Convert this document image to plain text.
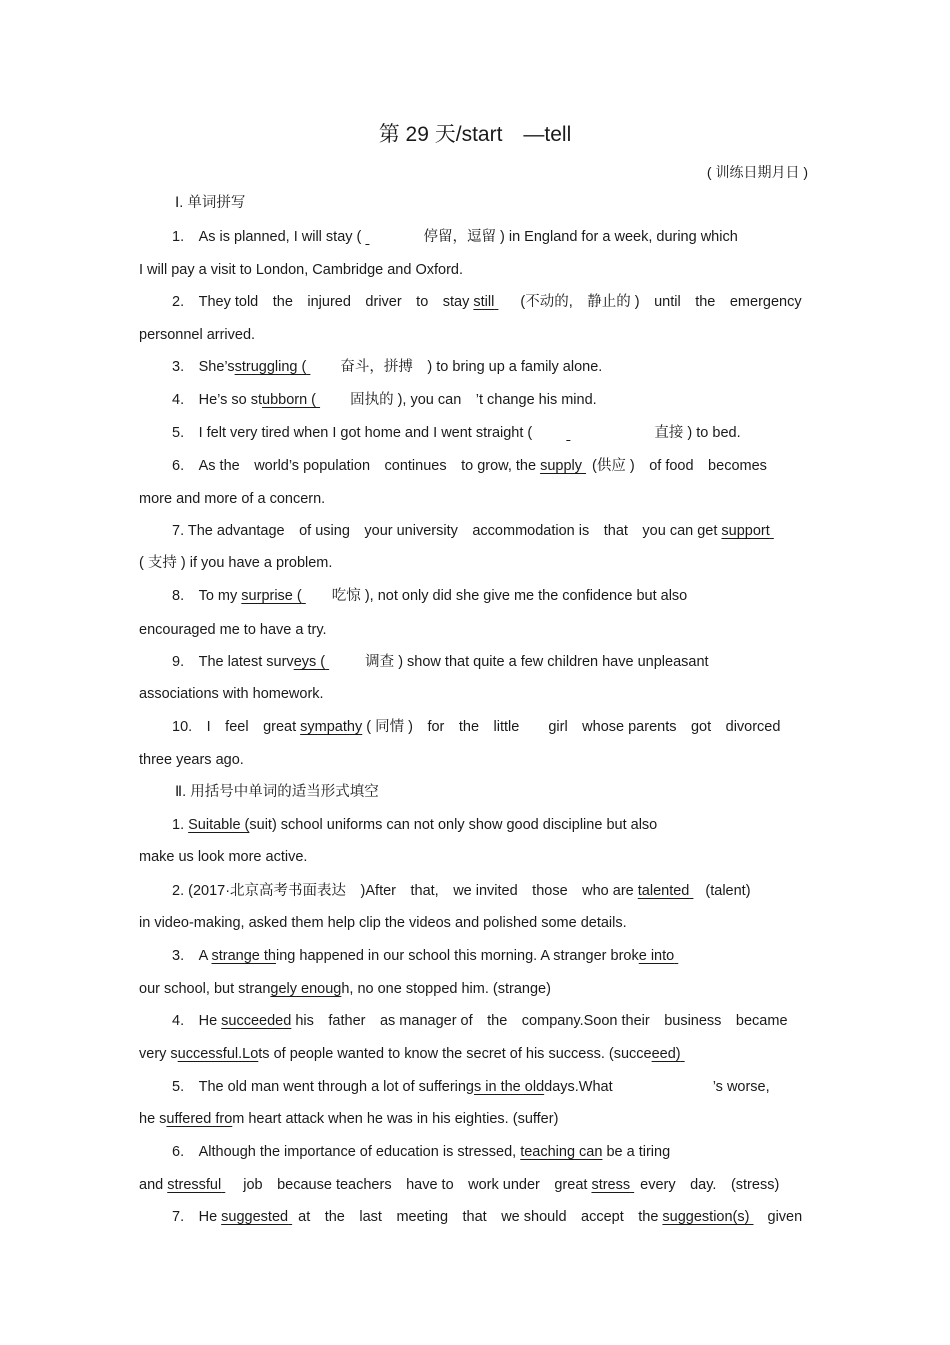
第 29 天/start　—tell
( 训练日期月日 )
Ⅰ. 单词拼写
1.　As is planned, I will stay (	停留，逗留 ) in England for a week, during which
I will pay a visit to London, Cambridge and Oxford.
2.　They told　the　injured　driver　to　stay still (不动的,　静止的 )　until　the　emergency
personnel arrived.
3.　She’sstruggling ( 奋斗，拼搏　) to bring up a family alone.
4.　He’s so stubborn ( 固执的 ), you can　’t change his mind.
5.　I felt very tired when I got home and I went straight (	直接 ) to bed.
6.　As the　world’s population　continues　to grow, the supply (供应 )　of food　becomes
more and more of a concern.
7. The advantage　of using　your university　accommodation is　that　you can get support
( 支持 ) if you have a problem.
8.　To my surprise ( 吃惊 ), not only did she give me the confidence but also
encouraged me to have a try.
9.　The latest surveys (	调查 ) show that quite a few children have unpleasant
associations with homework.
10.　I　feel　great sympathy ( 同情 )　for　the　little　　girl　whose parents　got　divorced
three years ago.
Ⅱ. 用括号中单词的适当形式填空
1. Suitable (suit) school uniforms can not only show good discipline but also
make us look more active.
2. (2017·北京高考书面表达　)After　that,　we invited　those　who are talented (talent)
in video-making, asked them help clip the videos and polished some details.
3.　A strange thing happened in our school this morning. A stranger broke into
our school, but strangely enough, no one stopped him. (strange)
4.　He succeeded his　father　as manager of　the　company.Soon their　business　became
very successful.Lots of people wanted to know the secret of his success. (succeeed)
5.　The old man went through a lot of sufferings in the olddays.What	’s worse,
he suffered from heart attack when he was in his eighties. (suffer)
6.　Although the importance of education is stressed, teaching can be a tiring
and stressful job　because teachers　have to　work under　great stress every　day.　(stress)
7.　He suggested at　the　last　meeting　that　we should　accept　the suggestion(s) given
